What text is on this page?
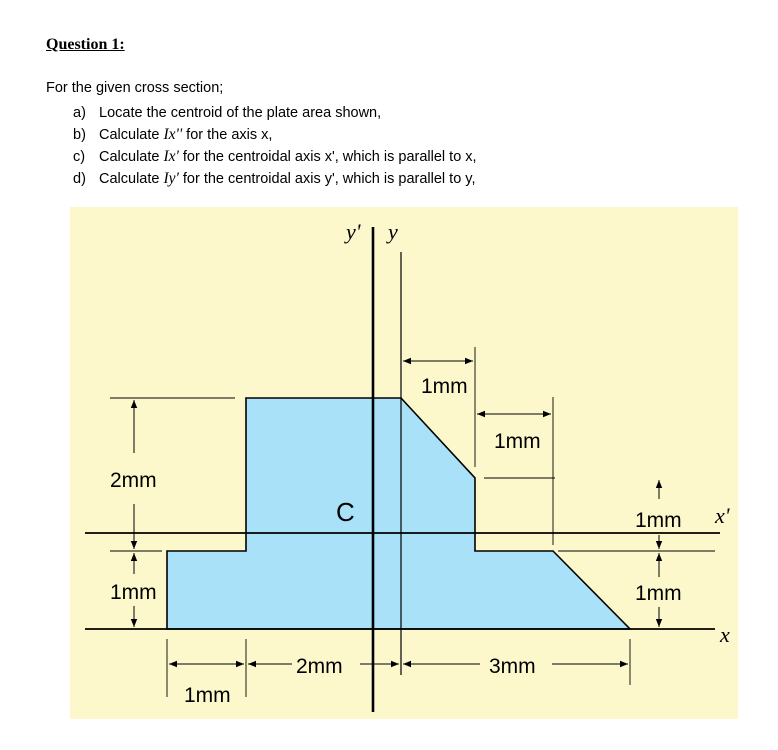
Question 1:
For the given cross section;
a) Locate the centroid of the plate area shown,
b) Calculate Ix'' for the axis x,
c) Calculate Ix' for the centroidal axis x', which is parallel to x,
d) Calculate Iy' for the centroidal axis y', which is parallel to y,
y' y
x'
x
C
1mm
1mm
2mm
1mm
1mm
1mm
2mm	3mm
1mm
